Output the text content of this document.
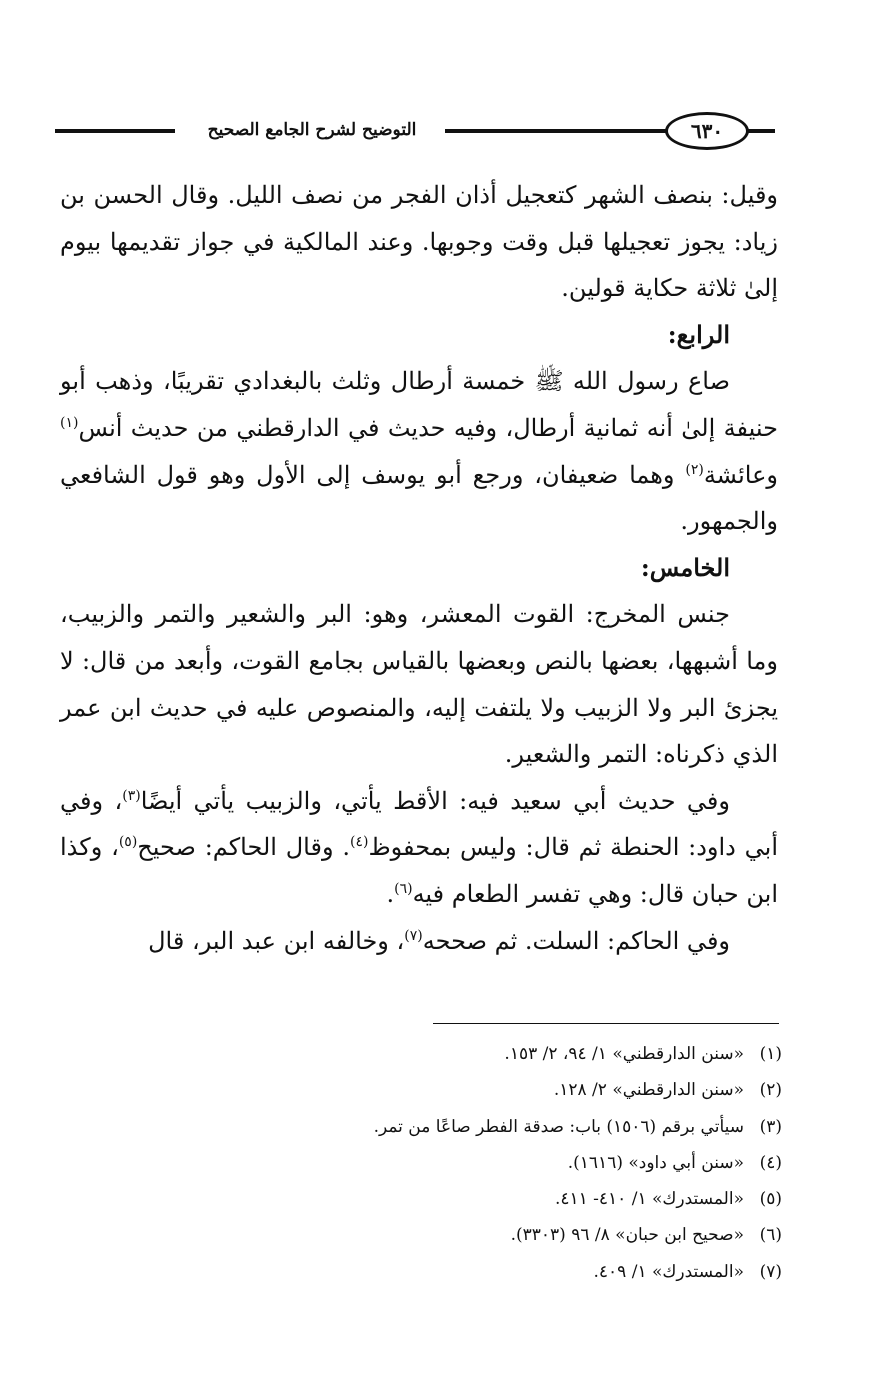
التوضيح لشرح الجامع الصحيح	٦٣٠

وقيل: بنصف الشهر كتعجيل أذان الفجر من نصف الليل. وقال الحسن بن زياد: يجوز تعجيلها قبل وقت وجوبها. وعند المالكية في جواز تقديمها بيوم إلىٰ ثلاثة حكاية قولين.

الرابع:

صاع رسول الله ﷺ خمسة أرطال وثلث بالبغدادي تقريبًا، وذهب أبو حنيفة إلىٰ أنه ثمانية أرطال، وفيه حديث في الدارقطني من حديث أنس$^{(١)}$ وعائشة$^{(٢)}$ وهما ضعيفان، ورجع أبو يوسف إلى الأول وهو قول الشافعي والجمهور.

الخامس:

جنس المخرج: القوت المعشر، وهو: البر والشعير والتمر والزبيب، وما أشبهها، بعضها بالنص وبعضها بالقياس بجامع القوت، وأبعد من قال: لا يجزئ البر ولا الزبيب ولا يلتفت إليه، والمنصوص عليه في حديث ابن عمر الذي ذكرناه: التمر والشعير.

وفي حديث أبي سعيد فيه: الأقط يأتي، والزبيب يأتي أيضًا$^{(٣)}$، وفي أبي داود: الحنطة ثم قال: وليس بمحفوظ$^{(٤)}$. وقال الحاكم: صحيح$^{(٥)}$، وكذا ابن حبان قال: وهي تفسر الطعام فيه$^{(٦)}$.

وفي الحاكم: السلت. ثم صححه$^{(٧)}$، وخالفه ابن عبد البر، قال

(١)«سنن الدارقطني» ١/ ٩٤، ٢/ ١٥٣.
(٢)«سنن الدارقطني» ٢/ ١٢٨.
(٣)سيأتي برقم (١٥٠٦) باب: صدقة الفطر صاعًا من تمر.
(٤)«سنن أبي داود» (١٦١٦).
(٥)«المستدرك» ١/ ٤١٠- ٤١١.
(٦)«صحيح ابن حبان» ٨/ ٩٦ (٣٣٠٣).
(٧)«المستدرك» ١/ ٤٠٩.
